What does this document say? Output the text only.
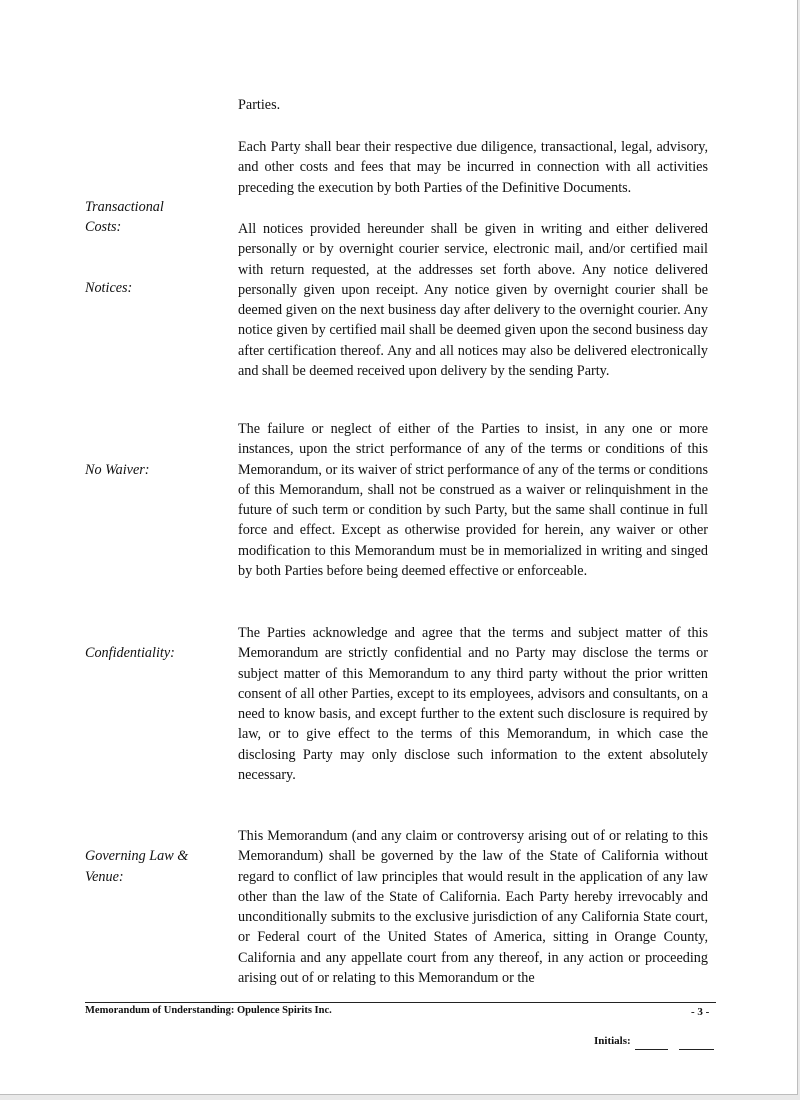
Parties.
Each Party shall bear their respective due diligence, transactional, legal, advisory, and other costs and fees that may be incurred in connection with all activities preceding the execution by both Parties of the Definitive Documents.
Transactional
Costs:	All notices provided hereunder shall be given in writing and either delivered personally or by overnight courier service, electronic mail, and/or certified mail with return requested, at the addresses set forth above. Any notice delivered personally given upon receipt. Any notice given by overnight courier shall be deemed given on the next business day after delivery to the overnight courier. Any notice given by certified mail shall be deemed given upon the second business day after certification thereof. Any and all notices may also be delivered electronically and shall be deemed received upon delivery by the sending Party.
Notices:
The failure or neglect of either of the Parties to insist, in any one or more instances, upon the strict performance of any of the terms or conditions of this Memorandum, or its waiver of strict performance of any of the terms or conditions of this Memorandum, shall not be construed as a waiver or relinquishment in the future of such term or condition by such Party, but the same shall continue in full force and effect. Except as otherwise provided for herein, any waiver or other modification to this Memorandum must be in memorialized in writing and singed by both Parties before being deemed effective or enforceable.
No Waiver:
The Parties acknowledge and agree that the terms and subject matter of this Memorandum are strictly confidential and no Party may disclose the terms or subject matter of this Memorandum to any third party without the prior written consent of all other Parties, except to its employees, advisors and consultants, on a need to know basis, and except further to the extent such disclosure is required by law, or to give effect to the terms of this Memorandum, in which case the disclosing Party may only disclose such information to the extent absolutely necessary.
Confidentiality:
This Memorandum (and any claim or controversy arising out of or relating to this Memorandum) shall be governed by the law of the State of California without regard to conflict of law principles that would result in the application of any law other than the law of the State of California. Each Party hereby irrevocably and unconditionally submits to the exclusive jurisdiction of any California State court, or Federal court of the United States of America, sitting in Orange County, California and any appellate court from any thereof, in any action or proceeding arising out of or relating to this Memorandum or the
Governing Law &
Venue:
Memorandum of Understanding: Opulence Spirits Inc.	- 3 -
Initials:
